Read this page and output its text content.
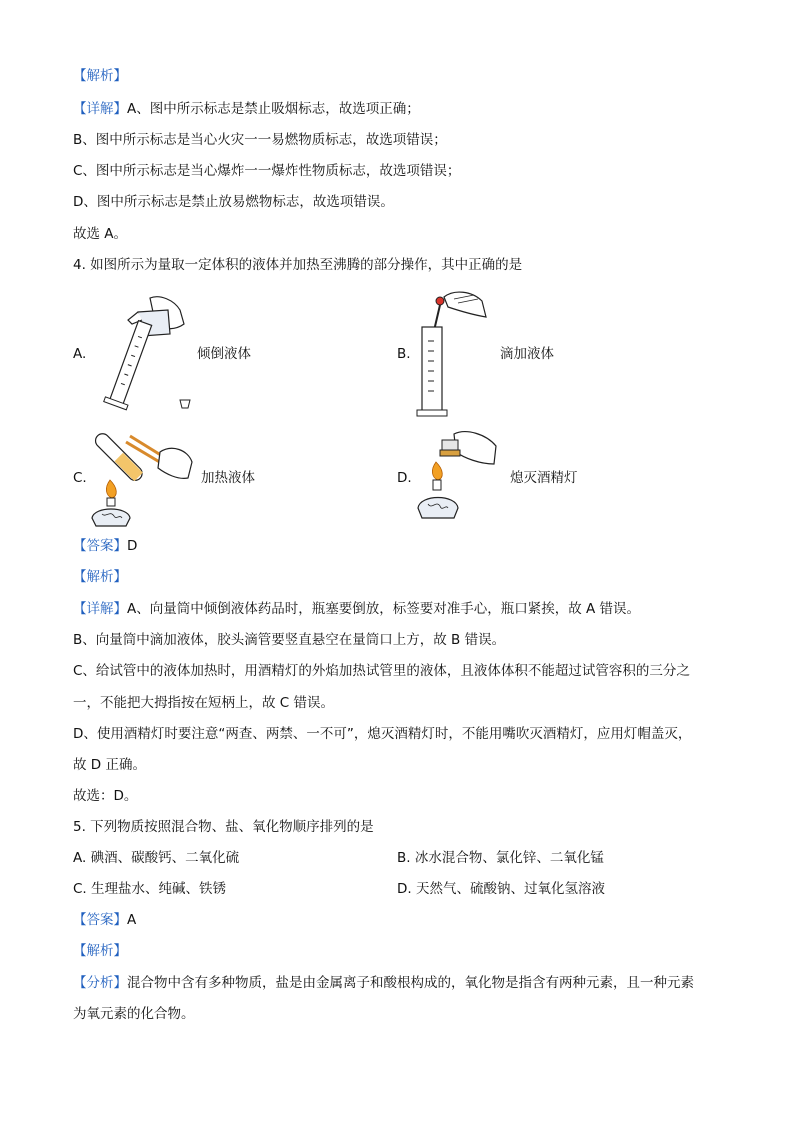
【解析】
【详解】A、图中所示标志是禁止吸烟标志，故选项正确；
B、图中所示标志是当心火灾一一易燃物质标志，故选项错误；
C、图中所示标志是当心爆炸一一爆炸性物质标志，故选项错误；
D、图中所示标志是禁止放易燃物标志，故选项错误。
故选 A。
4. 如图所示为量取一定体积的液体并加热至沸腾的部分操作，其中正确的是
A.	倾倒液体	B.	滴加液体
C.	加热液体	D.	熄灭酒精灯
【答案】D
【解析】
【详解】A、向量筒中倾倒液体药品时，瓶塞要倒放，标签要对准手心，瓶口紧挨，故 A 错误。
B、向量筒中滴加液体，胶头滴管要竖直悬空在量筒口上方，故 B 错误。
C、给试管中的液体加热时，用酒精灯的外焰加热试管里的液体，且液体体积不能超过试管容积的三分之
一，不能把大拇指按在短柄上，故 C 错误。
D、使用酒精灯时要注意“两查、两禁、一不可”，熄灭酒精灯时，不能用嘴吹灭酒精灯，应用灯帽盖灭，
故 D 正确。
故选：D。
5. 下列物质按照混合物、盐、氧化物顺序排列的是
A. 碘酒、碳酸钙、二氧化硫	B. 冰水混合物、氯化锌、二氧化锰
C. 生理盐水、纯碱、铁锈	D. 天然气、硫酸钠、过氧化氢溶液
【答案】A
【解析】
【分析】混合物中含有多种物质，盐是由金属离子和酸根构成的，氧化物是指含有两种元素，且一种元素
为氧元素的化合物。
